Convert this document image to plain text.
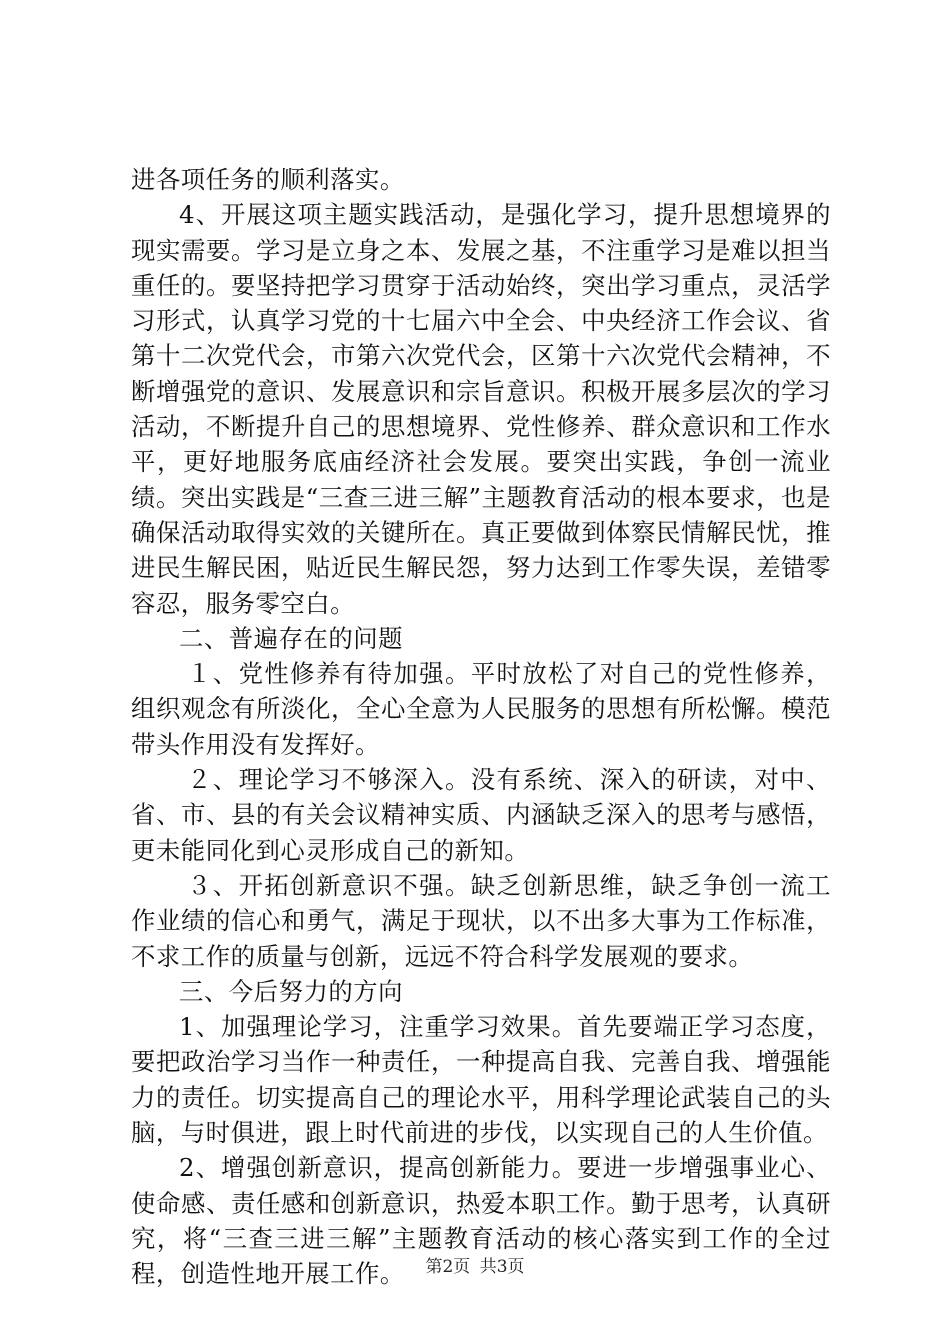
进各项任务的顺利落实。

4、开展这项主题实践活动，是强化学习，提升思想境界的现实需要。学习是立身之本、发展之基，不注重学习是难以担当重任的。要坚持把学习贯穿于活动始终，突出学习重点，灵活学习形式，认真学习党的十七届六中全会、中央经济工作会议、省第十二次党代会，市第六次党代会，区第十六次党代会精神，不断增强党的意识、发展意识和宗旨意识。积极开展多层次的学习活动，不断提升自己的思想境界、党性修养、群众意识和工作水平，更好地服务底庙经济社会发展。要突出实践，争创一流业绩。突出实践是“三查三进三解”主题教育活动的根本要求，也是确保活动取得实效的关键所在。真正要做到体察民情解民忧，推进民生解民困，贴近民生解民怨，努力达到工作零失误，差错零容忍，服务零空白。

二、普遍存在的问题

１、党性修养有待加强。平时放松了对自己的党性修养，组织观念有所淡化，全心全意为人民服务的思想有所松懈。模范带头作用没有发挥好。

２、理论学习不够深入。没有系统、深入的研读，对中、省、市、县的有关会议精神实质、内涵缺乏深入的思考与感悟，更未能同化到心灵形成自己的新知。

３、开拓创新意识不强。缺乏创新思维，缺乏争创一流工作业绩的信心和勇气，满足于现状，以不出多大事为工作标准，不求工作的质量与创新，远远不符合科学发展观的要求。

三、今后努力的方向

1、加强理论学习，注重学习效果。首先要端正学习态度，要把政治学习当作一种责任，一种提高自我、完善自我、增强能力的责任。切实提高自己的理论水平，用科学理论武装自己的头脑，与时俱进，跟上时代前进的步伐，以实现自己的人生价值。

2、增强创新意识，提高创新能力。要进一步增强事业心、使命感、责任感和创新意识，热爱本职工作。勤于思考，认真研究，将“三查三进三解”主题教育活动的核心落实到工作的全过程，创造性地开展工作。	第2页 共3页
